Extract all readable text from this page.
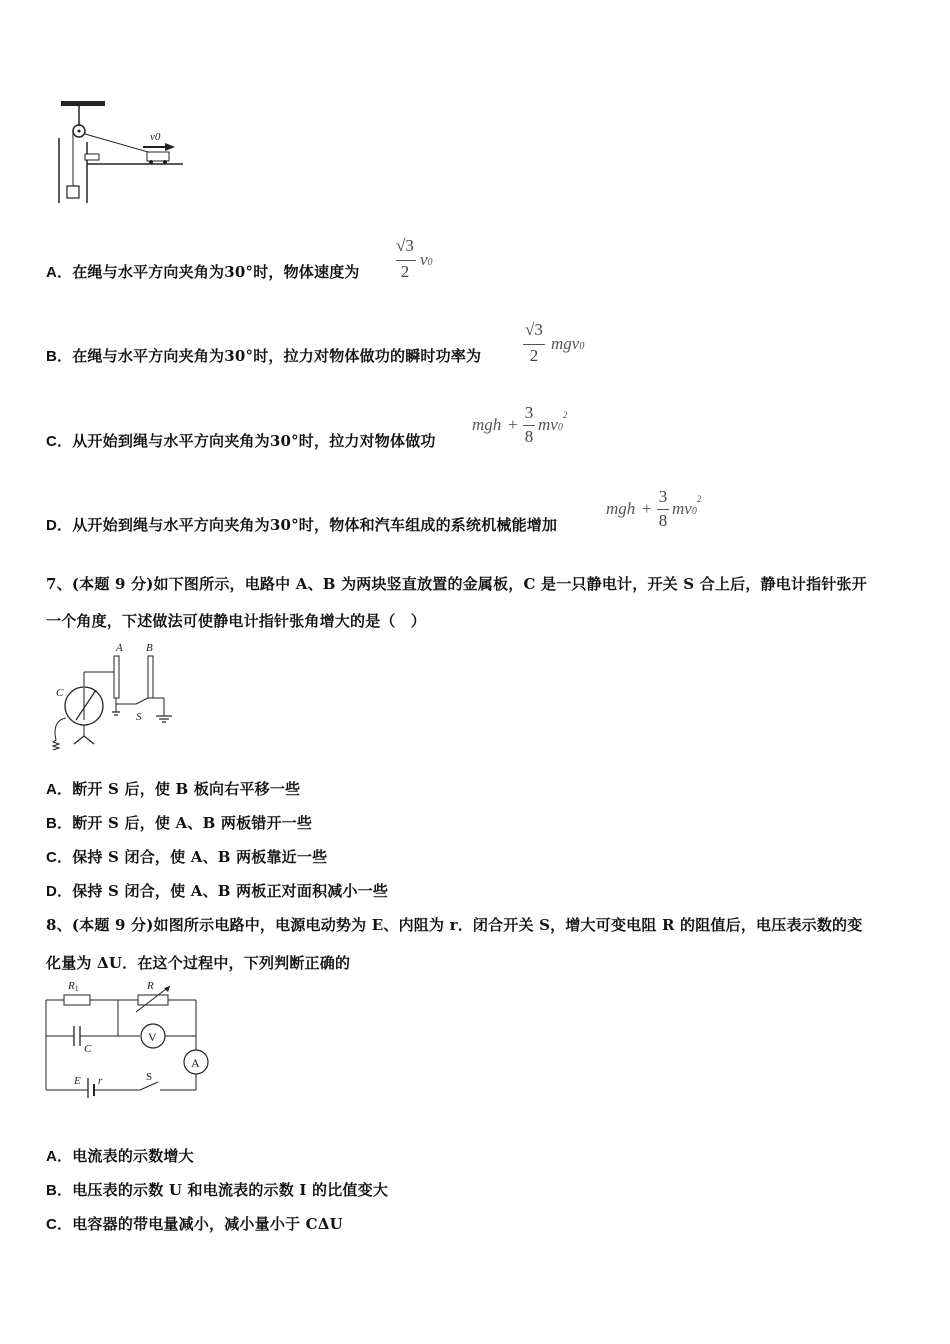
v0
A．在绳与水平方向夹角为30°时，物体速度为
√3
2
v0
B．在绳与水平方向夹角为30°时，拉力对物体做功的瞬时功率为
√3
2
mgv0
C．从开始到绳与水平方向夹角为30°时，拉力对物体做功
mgh +
3
8
$mv0^2$
D．从开始到绳与水平方向夹角为30°时，物体和汽车组成的系统机械能增加
mgh +
3
8
$mv0^2$
7、(本题 9 分)如下图所示，电路中 A、B 为两块竖直放置的金属板，C 是一只静电计，开关 S 合上后，静电计指针张开
一个角度，下述做法可使静电计指针张角增大的是（　）
A B
C
S
A．断开 S 后，使 B 板向右平移一些
B．断开 S 后，使 A、B 两板错开一些
C．保持 S 闭合，使 A、B 两板靠近一些
D．保持 S 闭合，使 A、B 两板正对面积减小一些
8、(本题 9 分)如图所示电路中，电源电动势为 E、内阻为 r．闭合开关 S，增大可变电阻 R 的阻值后，电压表示数的变
化量为 ΔU．在这个过程中，下列判断正确的
R1	R
C
V
A
E r	S
A．电流表的示数增大
B．电压表的示数 U 和电流表的示数 I 的比值变大
C．电容器的带电量减小，减小量小于 CΔU
